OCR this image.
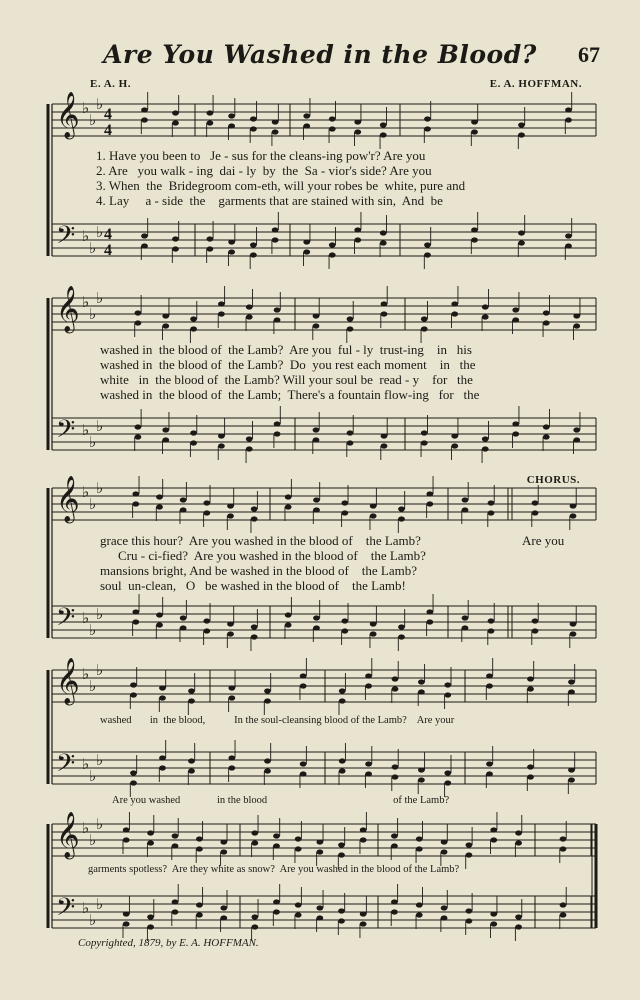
Are You Washed in the Blood?	67
E. A. H.	E. A. HOFFMAN.
𝄞
𝄢
♭
♭
♭
♭
♭
♭
4
4
4
4
𝄞
𝄢
♭
♭
♭
♭
♭
♭
𝄞
𝄢
♭
♭
♭
♭
♭
♭
𝄞
𝄢
♭
♭
♭
♭
♭
♭
𝄞
𝄢
♭
♭
♭
♭
♭
♭
1. Have you been to   Je - sus for the cleans-ing pow'r? Are you
2. Are   you walk - ing  dai - ly  by  the  Sa - vior's side? Are you
3. When  the  Bridegroom com-eth, will your robes be  white, pure and
4. Lay     a - side  the    garments that are stained with sin,  And  be
washed in  the blood of  the Lamb?  Are you  ful - ly  trust-ing    in   his
washed in  the blood of  the Lamb?  Do  you rest each moment    in   the
white   in  the blood of  the Lamb? Will your soul be  read - y    for   the
washed in  the blood of  the Lamb;  There's a fountain flow-ing   for   the
grace this hour?  Are you washed in the blood of    the Lamb?
Cru - ci-fied?  Are you washed in the blood of    the Lamb?
mansions bright, And be washed in the blood of    the Lamb?
soul  un-clean,   O   be washed in the blood of    the Lamb!
Are you
CHORUS.
washed       in  the blood,           In the soul-cleansing blood of the Lamb?    Are your
Are you washed              in the blood                                                of the Lamb?
garments spotless?  Are they white as snow?  Are you washed in the blood of the Lamb?
Copyrighted, 1879, by E. A. HOFFMAN.
